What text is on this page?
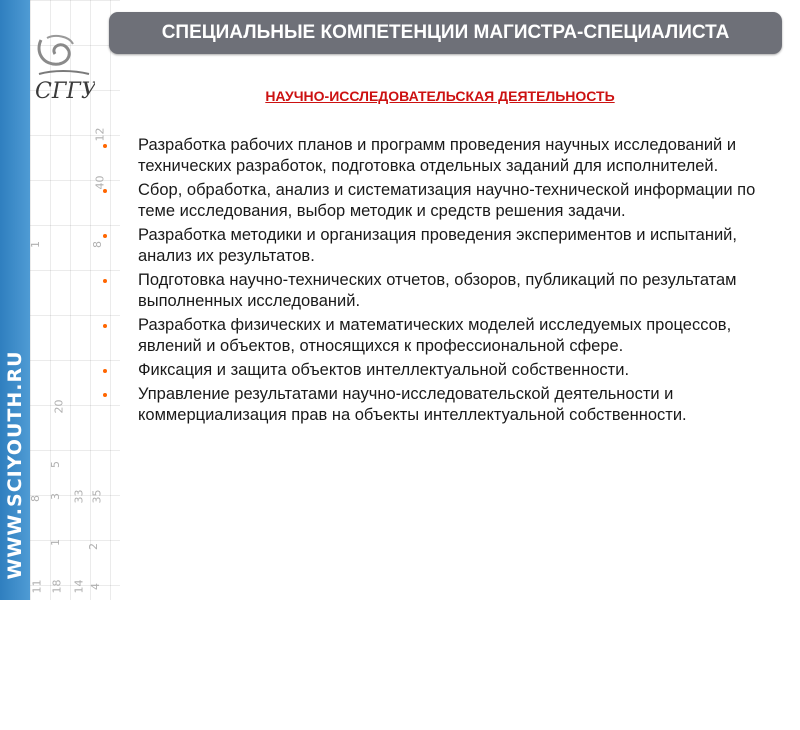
WWW.SCIYOUTH.RU
12
40
8
1
20
5
3
1
8	33 35
2
11 18 14 4
СГГУ
СПЕЦИАЛЬНЫЕ КОМПЕТЕНЦИИ МАГИСТРА-СПЕЦИАЛИСТА
НАУЧНО-ИССЛЕДОВАТЕЛЬСКАЯ ДЕЯТЕЛЬНОСТЬ
Разработка рабочих планов и программ проведения научных исследований и технических разработок, подготовка отдельных заданий для исполнителей.
Сбор, обработка, анализ и систематизация научно-технической информации по теме исследования, выбор методик и средств решения задачи.
Разработка методики и организация проведения экспериментов и испытаний, анализ их результатов.
Подготовка научно-технических отчетов, обзоров, публикаций по результатам выполненных исследований.
Разработка физических и математических моделей исследуемых процессов, явлений и объектов, относящихся к профессиональной сфере.
Фиксация и защита объектов интеллектуальной собственности.
Управление результатами научно-исследовательской деятельности и коммерциализация прав на объекты интеллектуальной собственности.
